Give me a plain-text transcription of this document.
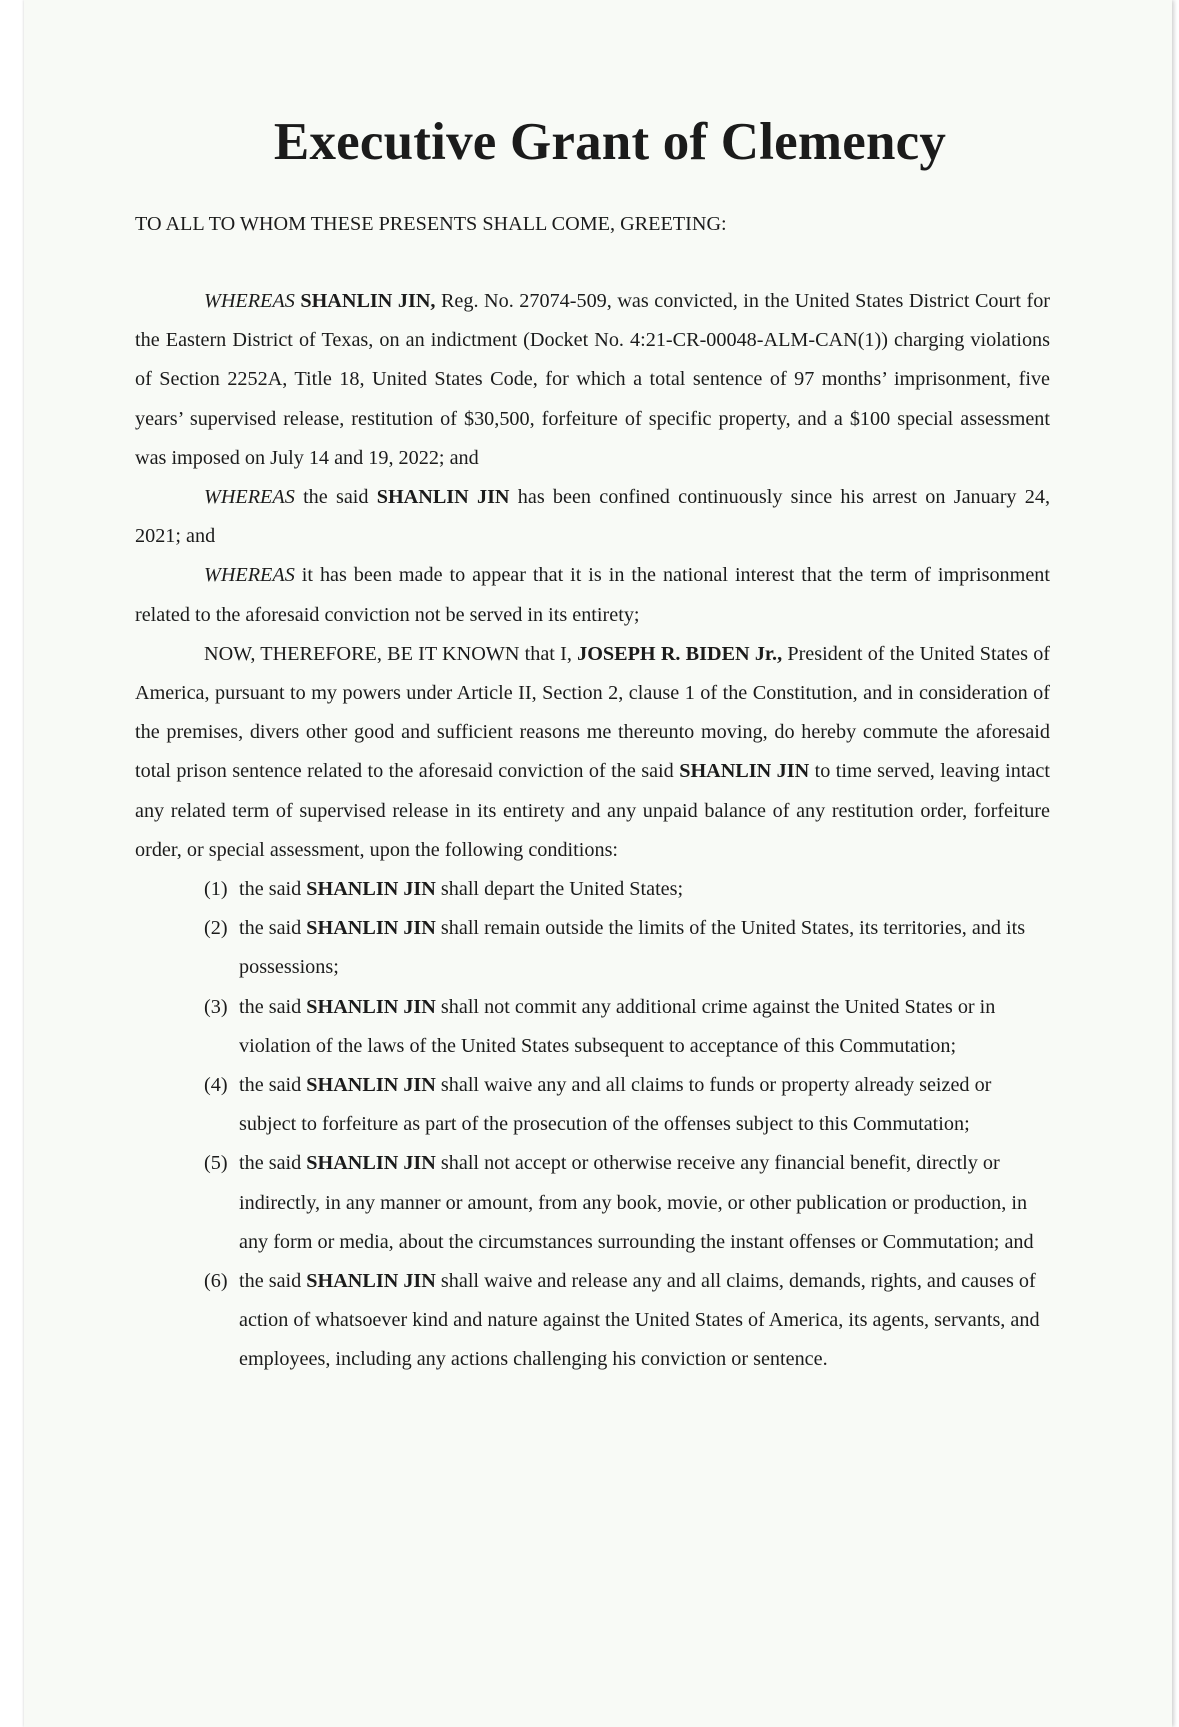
Executive Grant of Clemency

TO ALL TO WHOM THESE PRESENTS SHALL COME, GREETING:

WHEREAS SHANLIN JIN, Reg. No. 27074-509, was convicted, in the United States District Court for the Eastern District of Texas, on an indictment (Docket No. 4:21-CR-00048-ALM-CAN(1)) charging violations of Section 2252A, Title 18, United States Code, for which a total sentence of 97 months’ imprisonment, five years’ supervised release, restitution of $30,500, forfeiture of specific property, and a $100 special assessment was imposed on July 14 and 19, 2022; and

WHEREAS the said SHANLIN JIN has been confined continuously since his arrest on January 24, 2021; and

WHEREAS it has been made to appear that it is in the national interest that the term of imprisonment related to the aforesaid conviction not be served in its entirety;

NOW, THEREFORE, BE IT KNOWN that I, JOSEPH R. BIDEN Jr., President of the United States of America, pursuant to my powers under Article II, Section 2, clause 1 of the Constitution, and in consideration of the premises, divers other good and sufficient reasons me thereunto moving, do hereby commute the aforesaid total prison sentence related to the aforesaid conviction of the said SHANLIN JIN to time served, leaving intact any related term of supervised release in its entirety and any unpaid balance of any restitution order, forfeiture order, or special assessment, upon the following conditions:

(1) the said SHANLIN JIN shall depart the United States;
(2) the said SHANLIN JIN shall remain outside the limits of the United States, its territories, and its possessions;
(3) the said SHANLIN JIN shall not commit any additional crime against the United States or in violation of the laws of the United States subsequent to acceptance of this Commutation;
(4) the said SHANLIN JIN shall waive any and all claims to funds or property already seized or subject to forfeiture as part of the prosecution of the offenses subject to this Commutation;
(5) the said SHANLIN JIN shall not accept or otherwise receive any financial benefit, directly or indirectly, in any manner or amount, from any book, movie, or other publication or production, in any form or media, about the circumstances surrounding the instant offenses or Commutation; and
(6) the said SHANLIN JIN shall waive and release any and all claims, demands, rights, and causes of action of whatsoever kind and nature against the United States of America, its agents, servants, and employees, including any actions challenging his conviction or sentence.
